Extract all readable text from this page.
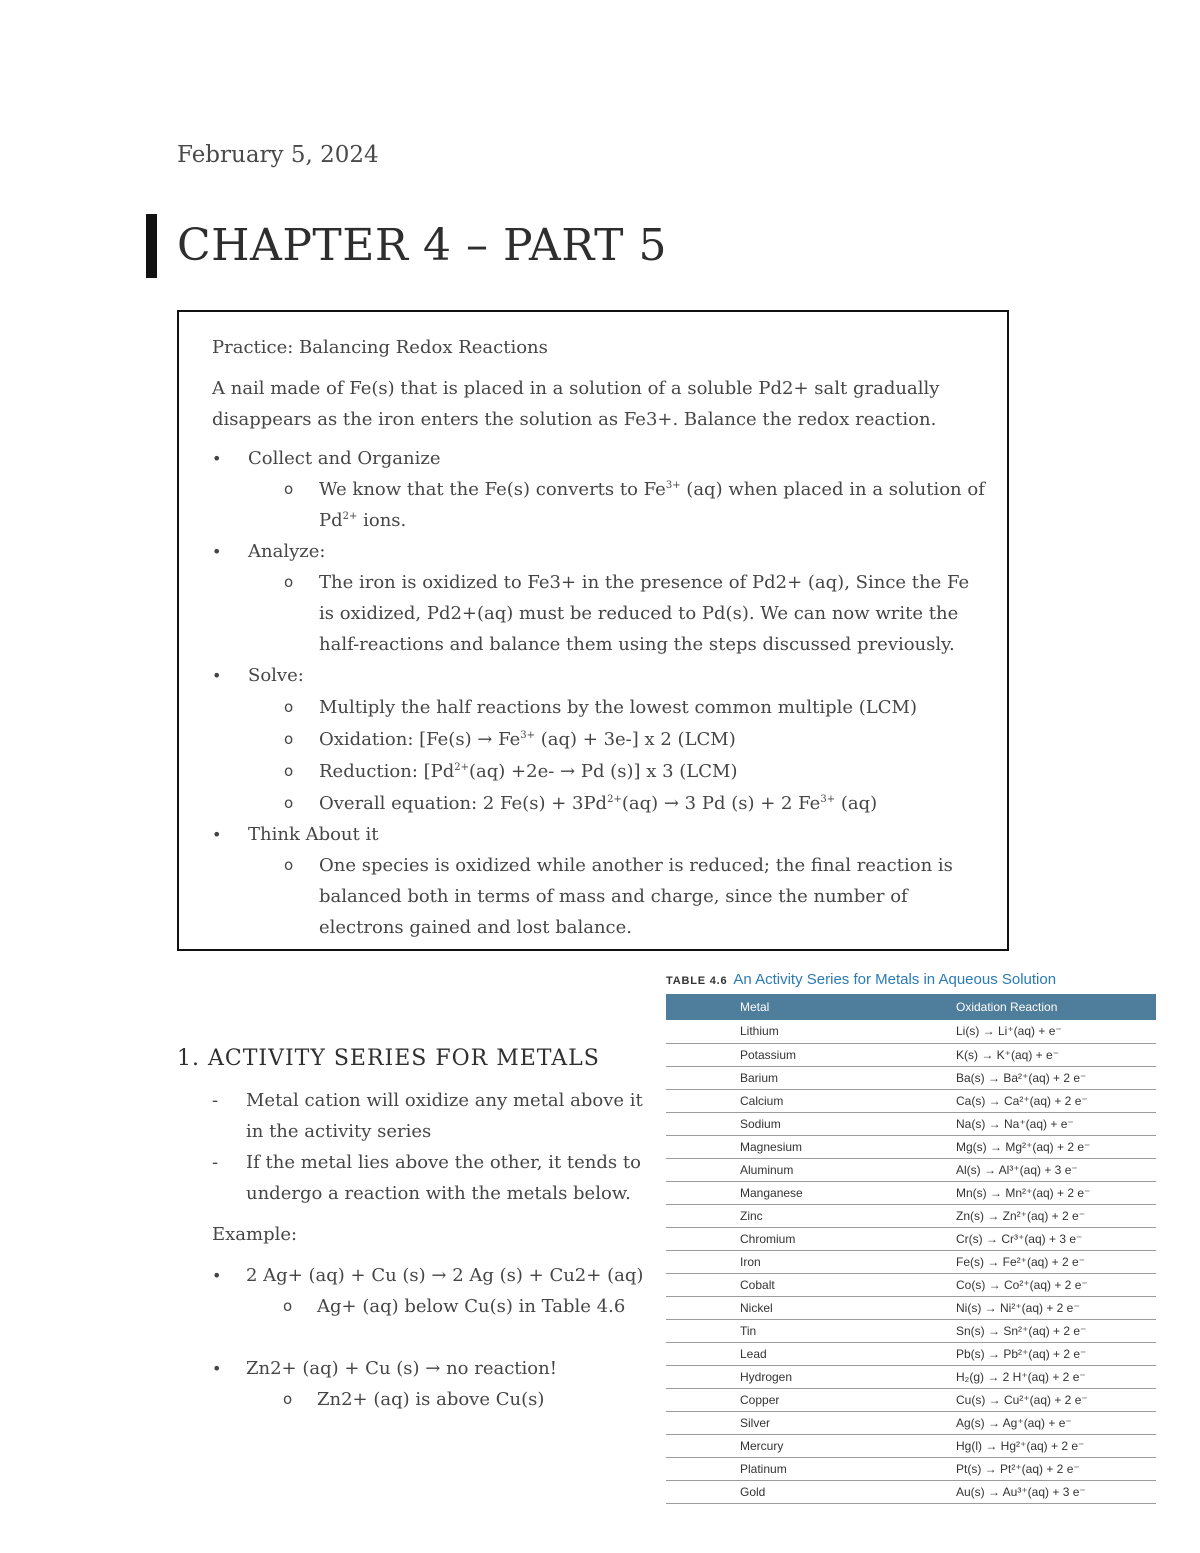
February 5, 2024
CHAPTER 4 – PART 5

Practice: Balancing Redox Reactions

A nail made of Fe(s) that is placed in a solution of a soluble Pd2+ salt gradually disappears as the iron enters the solution as Fe3+. Balance the redox reaction.

• Collect and Organize
o We know that the Fe(s) converts to $Fe^{3+}$ (aq) when placed in a solution of $Pd^{2+}$ ions.
• Analyze:
o The iron is oxidized to Fe3+ in the presence of Pd2+ (aq), Since the Fe is oxidized, Pd2+(aq) must be reduced to Pd(s). We can now write the half-reactions and balance them using the steps discussed previously.
• Solve:
o Multiply the half reactions by the lowest common multiple (LCM)
o Oxidation: [$Fe(s) \to Fe^{3+}$ (aq) + 3e-] x 2 (LCM)
o Reduction: [$Pd^{2+}(aq) +2e- \to Pd$ (s)] x 3 (LCM)
o Overall equation: 2 $Fe(s) + 3Pd^{2+}(aq) \to 3$ Pd (s) + 2 $Fe^{3+}$ (aq)
• Think About it
o One species is oxidized while another is reduced; the final reaction is balanced both in terms of mass and charge, since the number of electrons gained and lost balance.
1. ACTIVITY SERIES FOR METALS
- Metal cation will oxidize any metal above it in the activity series
- If the metal lies above the other, it tends to undergo a reaction with the metals below.
Example:
• 2 Ag+ (aq) + Cu (s) → 2 Ag (s) + Cu2+ (aq)
o Ag+ (aq) below Cu(s) in Table 4.6
• Zn2+ (aq) + Cu (s) → no reaction!
o Zn2+ (aq) is above Cu(s)
TABLE 4.6 An Activity Series for Metals in Aqueous Solution
Metal	Oxidation Reaction
Lithium	Li(s) → Li⁺(aq) + e⁻
Potassium	K(s) → K⁺(aq) + e⁻
Barium	Ba(s) → Ba²⁺(aq) + 2 e⁻
Calcium	Ca(s) → Ca²⁺(aq) + 2 e⁻
Sodium	Na(s) → Na⁺(aq) + e⁻
Magnesium	Mg(s) → Mg²⁺(aq) + 2 e⁻
Aluminum	Al(s) → Al³⁺(aq) + 3 e⁻
Manganese	Mn(s) → Mn²⁺(aq) + 2 e⁻
Zinc	Zn(s) → Zn²⁺(aq) + 2 e⁻
Chromium	Cr(s) → Cr³⁺(aq) + 3 e⁻
Iron	Fe(s) → Fe²⁺(aq) + 2 e⁻
Cobalt	Co(s) → Co²⁺(aq) + 2 e⁻
Nickel	Ni(s) → Ni²⁺(aq) + 2 e⁻
Tin	Sn(s) → Sn²⁺(aq) + 2 e⁻
Lead	Pb(s) → Pb²⁺(aq) + 2 e⁻
Hydrogen	H₂(g) → 2 H⁺(aq) + 2 e⁻
Copper	Cu(s) → Cu²⁺(aq) + 2 e⁻
Silver	Ag(s) → Ag⁺(aq) + e⁻
Mercury	Hg(l) → Hg²⁺(aq) + 2 e⁻
Platinum	Pt(s) → Pt²⁺(aq) + 2 e⁻
Gold	Au(s) → Au³⁺(aq) + 3 e⁻
